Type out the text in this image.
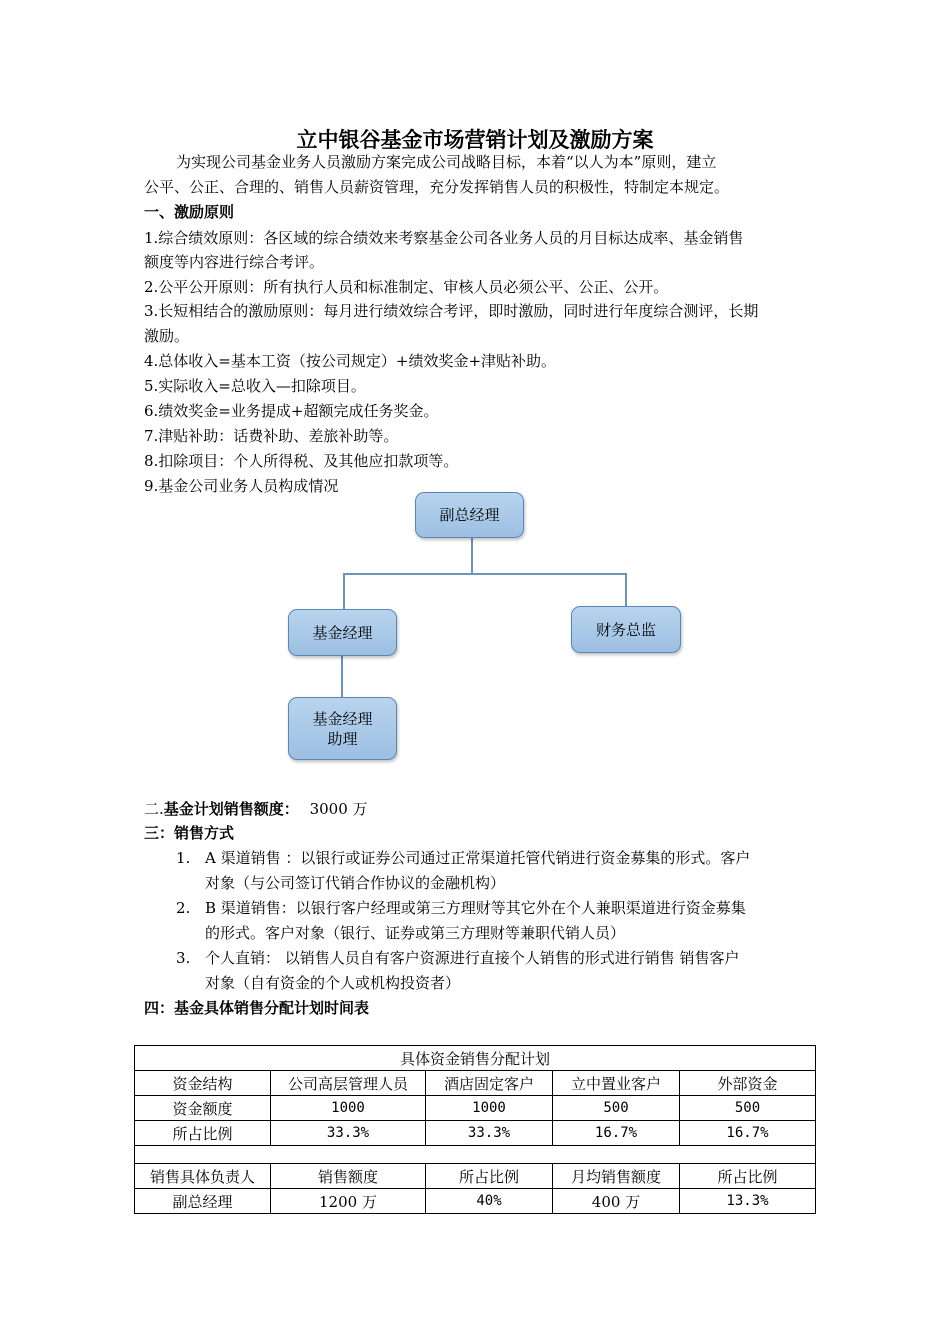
立中银谷基金市场营销计划及激励方案
为实现公司基金业务人员激励方案完成公司战略目标，本着“以人为本”原则，建立
公平、公正、合理的、销售人员薪资管理，充分发挥销售人员的积极性，特制定本规定。
一、激励原则
1.综合绩效原则：各区域的综合绩效来考察基金公司各业务人员的月目标达成率、基金销售
额度等内容进行综合考评。
2.公平公开原则：所有执行人员和标准制定、审核人员必须公平、公正、公开。
3.长短相结合的激励原则：每月进行绩效综合考评，即时激励，同时进行年度综合测评，长期
激励。
4.总体收入=基本工资（按公司规定）+绩效奖金+津贴补助。
5.实际收入=总收入—扣除项目。
6.绩效奖金=业务提成+超额完成任务奖金。
7.津贴补助：话费补助、差旅补助等。
8.扣除项目：个人所得税、及其他应扣款项等。
9.基金公司业务人员构成情况
副总经理
基金经理	财务总监
基金经理
助理
二.基金计划销售额度： 3000 万
三：销售方式
1. A 渠道销售 ：以银行或证券公司通过正常渠道托管代销进行资金募集的形式。客户
对象（与公司签订代销合作协议的金融机构）
2. B 渠道销售：以银行客户经理或第三方理财等其它外在个人兼职渠道进行资金募集
的形式。客户对象（银行、证券或第三方理财等兼职代销人员）
3. 个人直销： 以销售人员自有客户资源进行直接个人销售的形式进行销售 销售客户
对象（自有资金的个人或机构投资者）
四：基金具体销售分配计划时间表
具体资金销售分配计划				
资金结构	公司高层管理人员	酒店固定客户	立中置业客户	外部资金
资金额度	1000	1000	500	500
所占比例	33.3%	33.3%	16.7%	16.7%

销售具体负责人	销售额度	所占比例	月均销售额度	所占比例
副总经理	1200 万	40%	400 万	13.3%
